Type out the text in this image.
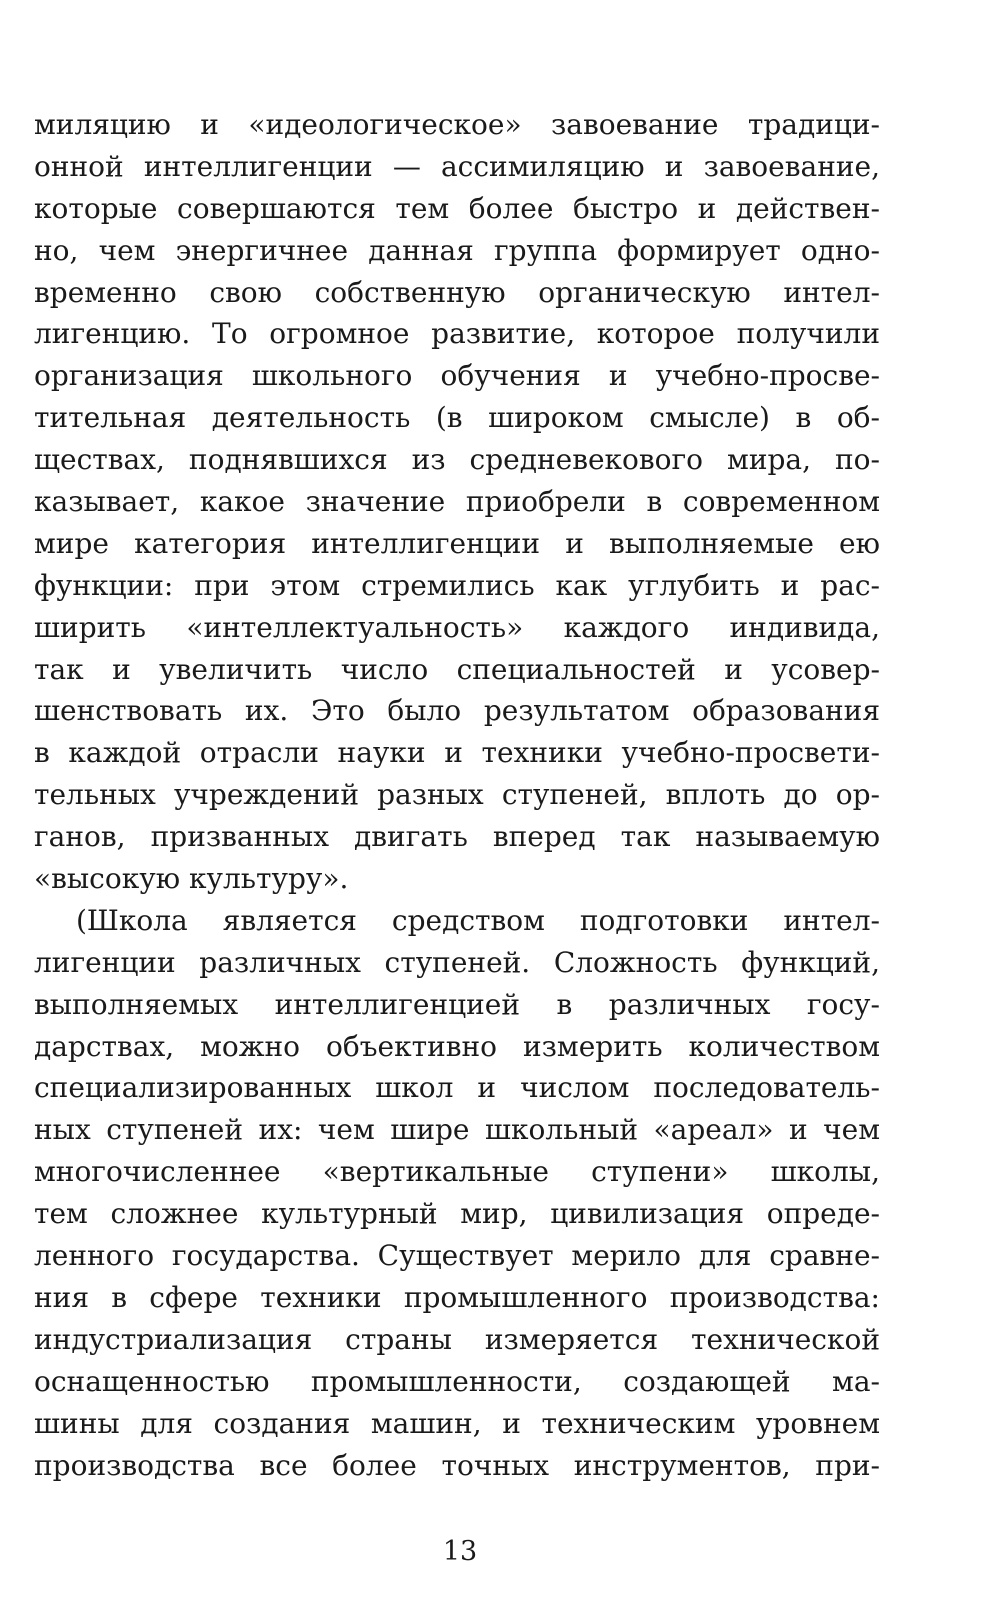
миляцию и «идеологическое» завоевание традици-
онной интеллигенции — ассимиляцию и завоевание,
которые совершаются тем более быстро и действен-
но, чем энергичнее данная группа формирует одно-
временно свою собственную органическую интел-
лигенцию. То огромное развитие, которое получили
организация школьного обучения и учебно-просве-
тительная деятельность (в широком смысле) в об-
ществах, поднявшихся из средневекового мира, по-
казывает, какое значение приобрели в современном
мире категория интеллигенции и выполняемые ею
функции: при этом стремились как углубить и рас-
ширить «интеллектуальность» каждого индивида,
так и увеличить число специальностей и усовер-
шенствовать их. Это было результатом образования
в каждой отрасли науки и техники учебно-просвети-
тельных учреждений разных ступеней, вплоть до ор-
ганов, призванных двигать вперед так называемую
«высокую культуру».
(Школа является средством подготовки интел-
лигенции различных ступеней. Сложность функций,
выполняемых интеллигенцией в различных госу-
дарствах, можно объективно измерить количеством
специализированных школ и числом последователь-
ных ступеней их: чем шире школьный «ареал» и чем
многочисленнее «вертикальные ступени» школы,
тем сложнее культурный мир, цивилизация опреде-
ленного государства. Существует мерило для сравне-
ния в сфере техники промышленного производства:
индустриализация страны измеряется технической
оснащенностью промышленности, создающей ма-
шины для создания машин, и техническим уровнем
производства все более точных инструментов, при-
13
